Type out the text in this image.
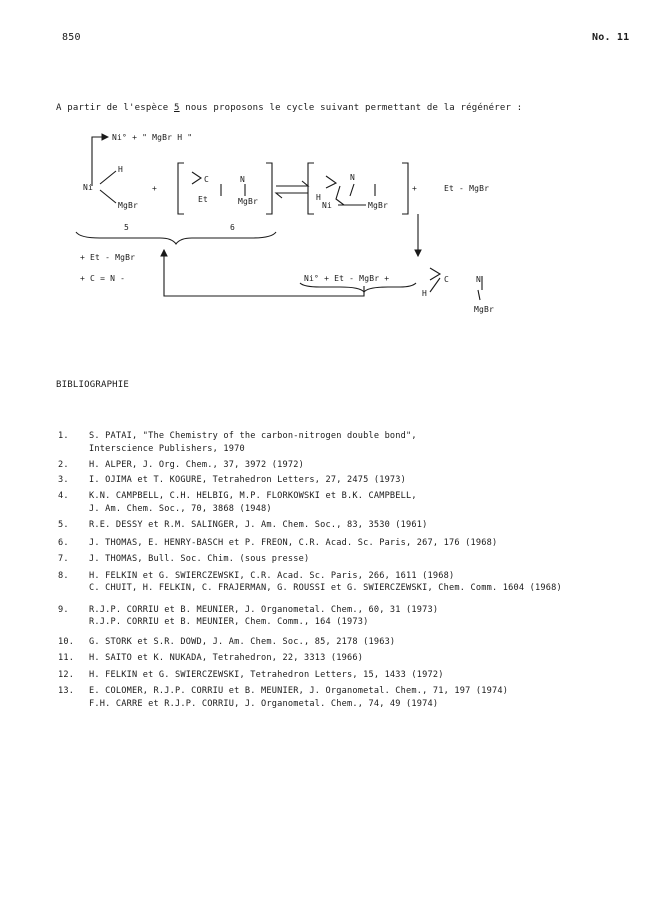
850	No. 11
A partir de l'espèce 5 nous proposons le cycle suivant permettant de la régénérer :
Ni° + " MgBr H "
Ni
H
MgBr
+
C	N
Et	MgBr
N
H
Ni	MgBr
+	Et - MgBr
5	6
+ Et - MgBr
+ C = N -	Ni° + Et - MgBr +	C	N
H
MgBr
BIBLIOGRAPHIE
1.	S. PATAI, "The Chemistry of the carbon-nitrogen double bond",
Interscience Publishers, 1970
2.	H. ALPER, J. Org. Chem., 37, 3972 (1972)
3.	I. OJIMA et T. KOGURE, Tetrahedron Letters, 27, 2475 (1973)
4.	K.N. CAMPBELL, C.H. HELBIG, M.P. FLORKOWSKI et B.K. CAMPBELL,
J. Am. Chem. Soc., 70, 3868 (1948)
5.	R.E. DESSY et R.M. SALINGER, J. Am. Chem. Soc., 83, 3530 (1961)
6.	J. THOMAS, E. HENRY-BASCH et P. FREON, C.R. Acad. Sc. Paris, 267, 176 (1968)
7.	J. THOMAS, Bull. Soc. Chim. (sous presse)
8.	H. FELKIN et G. SWIERCZEWSKI, C.R. Acad. Sc. Paris, 266, 1611 (1968)
C. CHUIT, H. FELKIN, C. FRAJERMAN, G. ROUSSI et G. SWIERCZEWSKI, Chem. Comm. 1604 (1968)
9.	R.J.P. CORRIU et B. MEUNIER, J. Organometal. Chem., 60, 31 (1973)
R.J.P. CORRIU et B. MEUNIER, Chem. Comm., 164 (1973)
10.	G. STORK et S.R. DOWD, J. Am. Chem. Soc., 85, 2178 (1963)
11.	H. SAITO et K. NUKADA, Tetrahedron, 22, 3313 (1966)
12.	H. FELKIN et G. SWIERCZEWSKI, Tetrahedron Letters, 15, 1433 (1972)
13.	E. COLOMER, R.J.P. CORRIU et B. MEUNIER, J. Organometal. Chem., 71, 197 (1974)
F.H. CARRE et R.J.P. CORRIU, J. Organometal. Chem., 74, 49 (1974)
